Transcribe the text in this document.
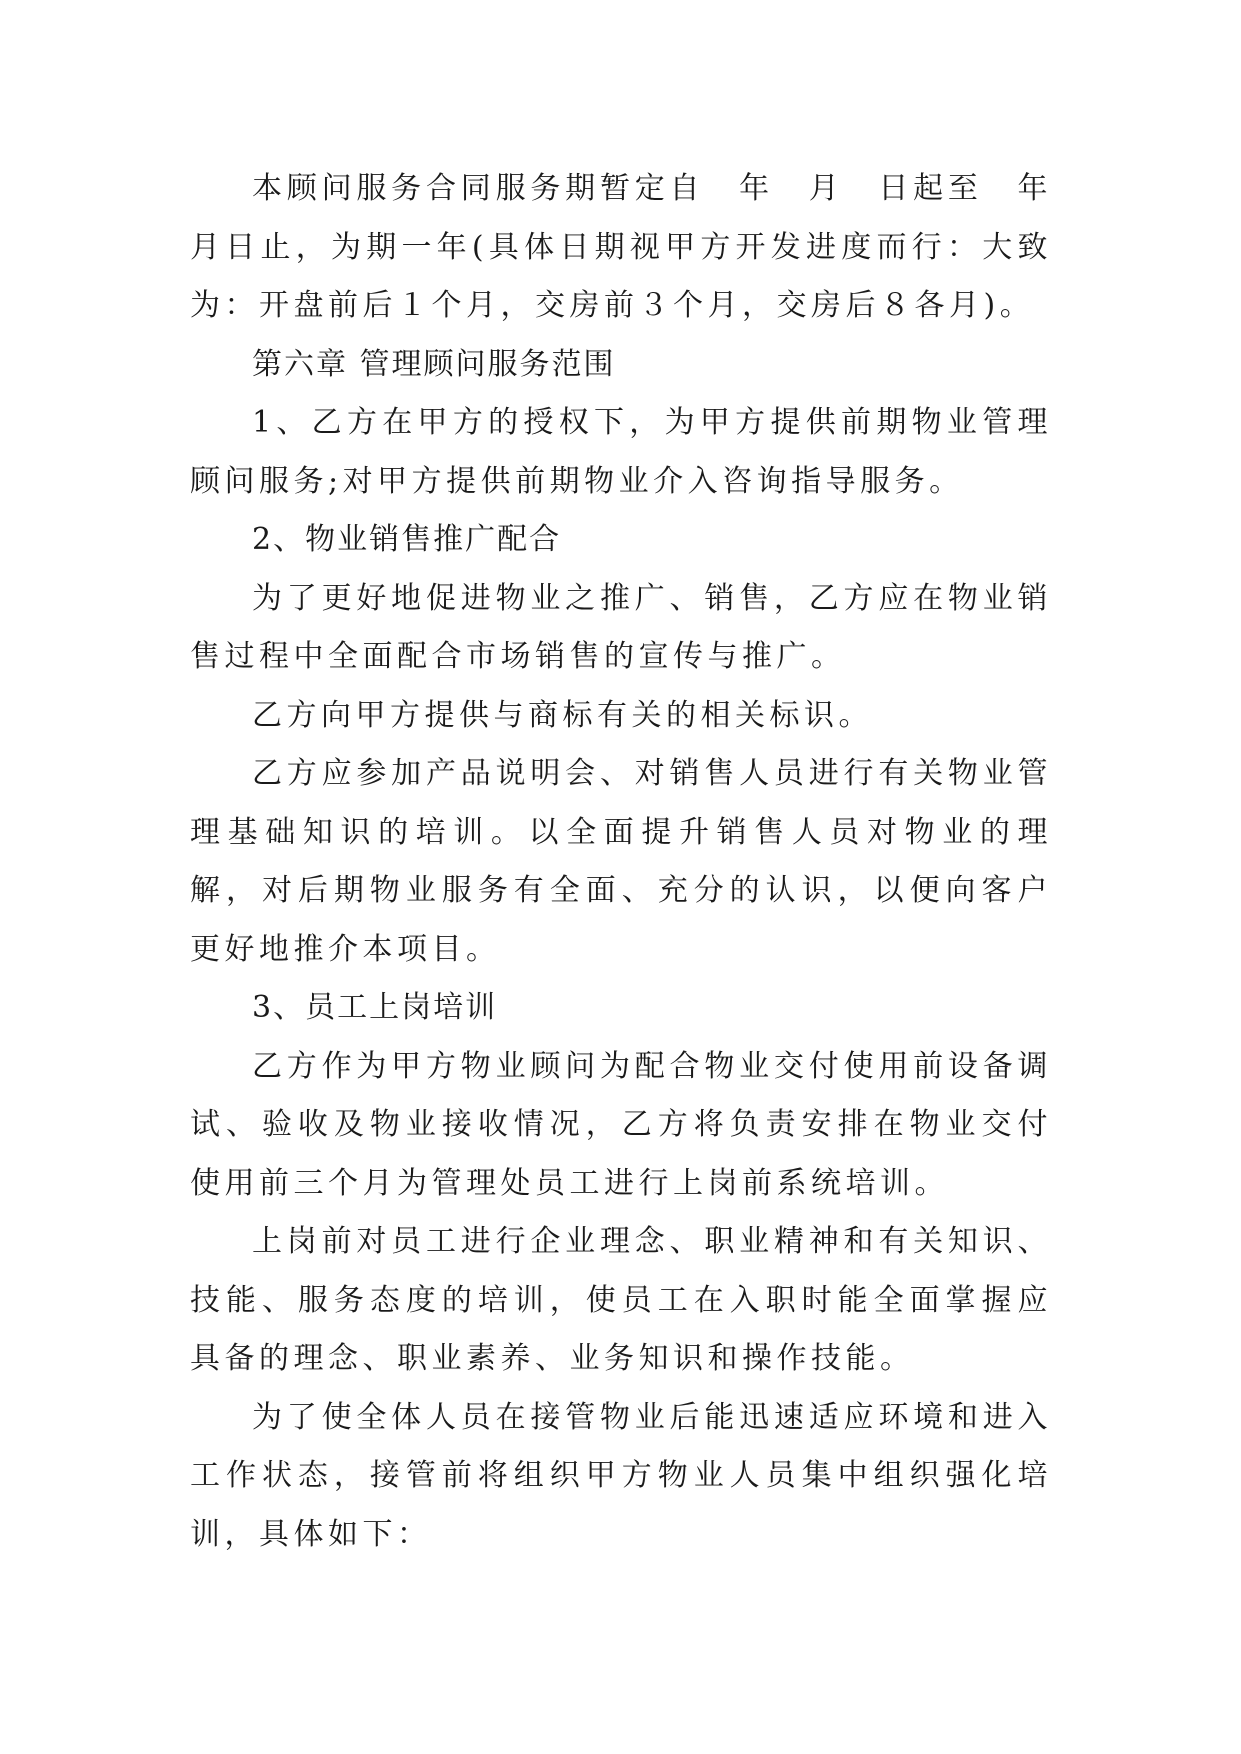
本顾问服务合同服务期暂定自　年　月　日起至　年　月日止，为期一年(具体日期视甲方开发进度而行：大致为：开盘前后１个月，交房前３个月，交房后８各月)。

第六章 管理顾问服务范围

1、乙方在甲方的授权下，为甲方提供前期物业管理顾问服务;对甲方提供前期物业介入咨询指导服务。

2、物业销售推广配合

为了更好地促进物业之推广、销售，乙方应在物业销售过程中全面配合市场销售的宣传与推广。

乙方向甲方提供与商标有关的相关标识。

乙方应参加产品说明会、对销售人员进行有关物业管理基础知识的培训。以全面提升销售人员对物业的理解，对后期物业服务有全面、充分的认识，以便向客户更好地推介本项目。

3、员工上岗培训

乙方作为甲方物业顾问为配合物业交付使用前设备调试、验收及物业接收情况，乙方将负责安排在物业交付使用前三个月为管理处员工进行上岗前系统培训。

上岗前对员工进行企业理念、职业精神和有关知识、技能、服务态度的培训，使员工在入职时能全面掌握应具备的理念、职业素养、业务知识和操作技能。

为了使全体人员在接管物业后能迅速适应环境和进入工作状态，接管前将组织甲方物业人员集中组织强化培训，具体如下：
